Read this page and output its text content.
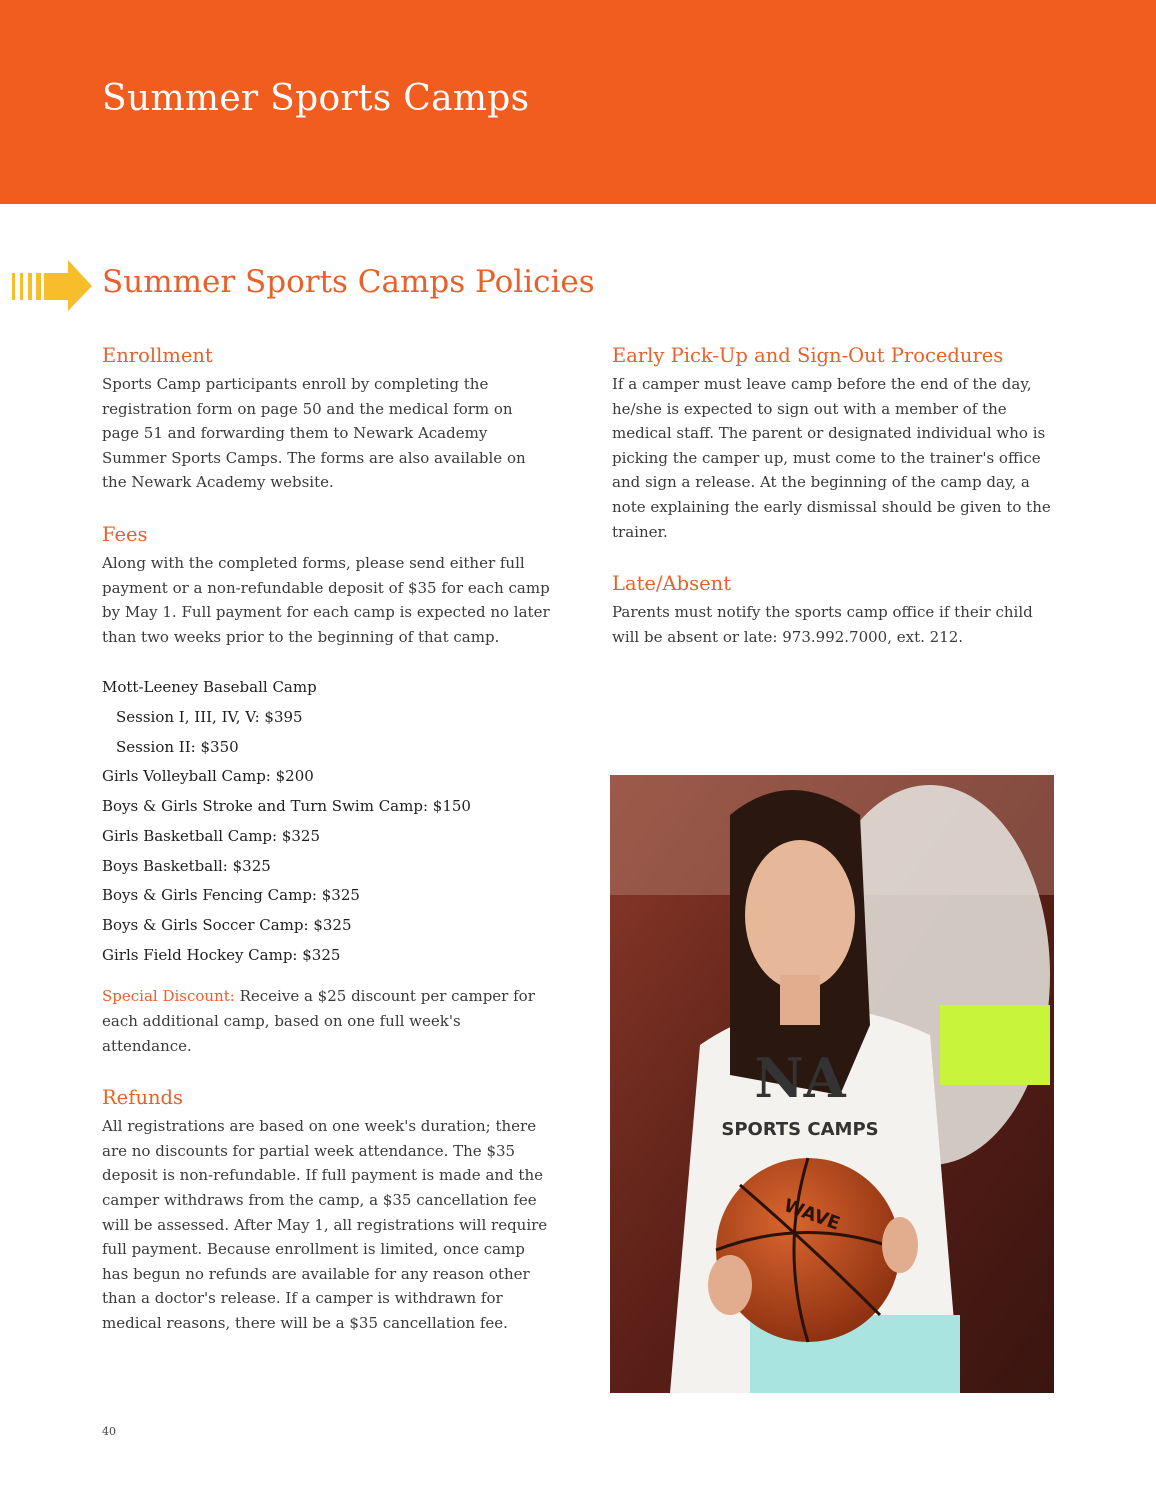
Summer Sports Camps
Summer Sports Camps Policies
Enrollment

Sports Camp participants enroll by completing the registration form on page 50 and the medical form on page 51 and forwarding them to Newark Academy Summer Sports Camps. The forms are also available on the Newark Academy website.

Fees

Along with the completed forms, please send either full payment or a non-refundable deposit of $35 for each camp by May 1. Full payment for each camp is expected no later than two weeks prior to the beginning of that camp.

Mott-Leeney Baseball Camp
Session I, III, IV, V: $395
Session II: $350
Girls Volleyball Camp: $200
Boys & Girls Stroke and Turn Swim Camp: $150
Girls Basketball Camp: $325
Boys Basketball: $325
Boys & Girls Fencing Camp: $325
Boys & Girls Soccer Camp: $325
Girls Field Hockey Camp: $325

Special Discount: Receive a $25 discount per camper for each additional camp, based on one full week's attendance.

Refunds

All registrations are based on one week's duration; there are no discounts for partial week attendance. The $35 deposit is non-refundable. If full payment is made and the camper withdraws from the camp, a $35 cancellation fee will be assessed. After May 1, all registrations will require full payment. Because enrollment is limited, once camp has begun no refunds are available for any reason other than a doctor's release. If a camper is withdrawn for medical reasons, there will be a $35 cancellation fee.

Early Pick-Up and Sign-Out Procedures

If a camper must leave camp before the end of the day, he/she is expected to sign out with a member of the medical staff. The parent or designated individual who is picking the camper up, must come to the trainer's office and sign a release. At the beginning of the camp day, a note explaining the early dismissal should be given to the trainer.

Late/Absent

Parents must notify the sports camp office if their child will be absent or late: 973.992.7000, ext. 212.

WAVE
NA
SPORTS CAMPS
40
